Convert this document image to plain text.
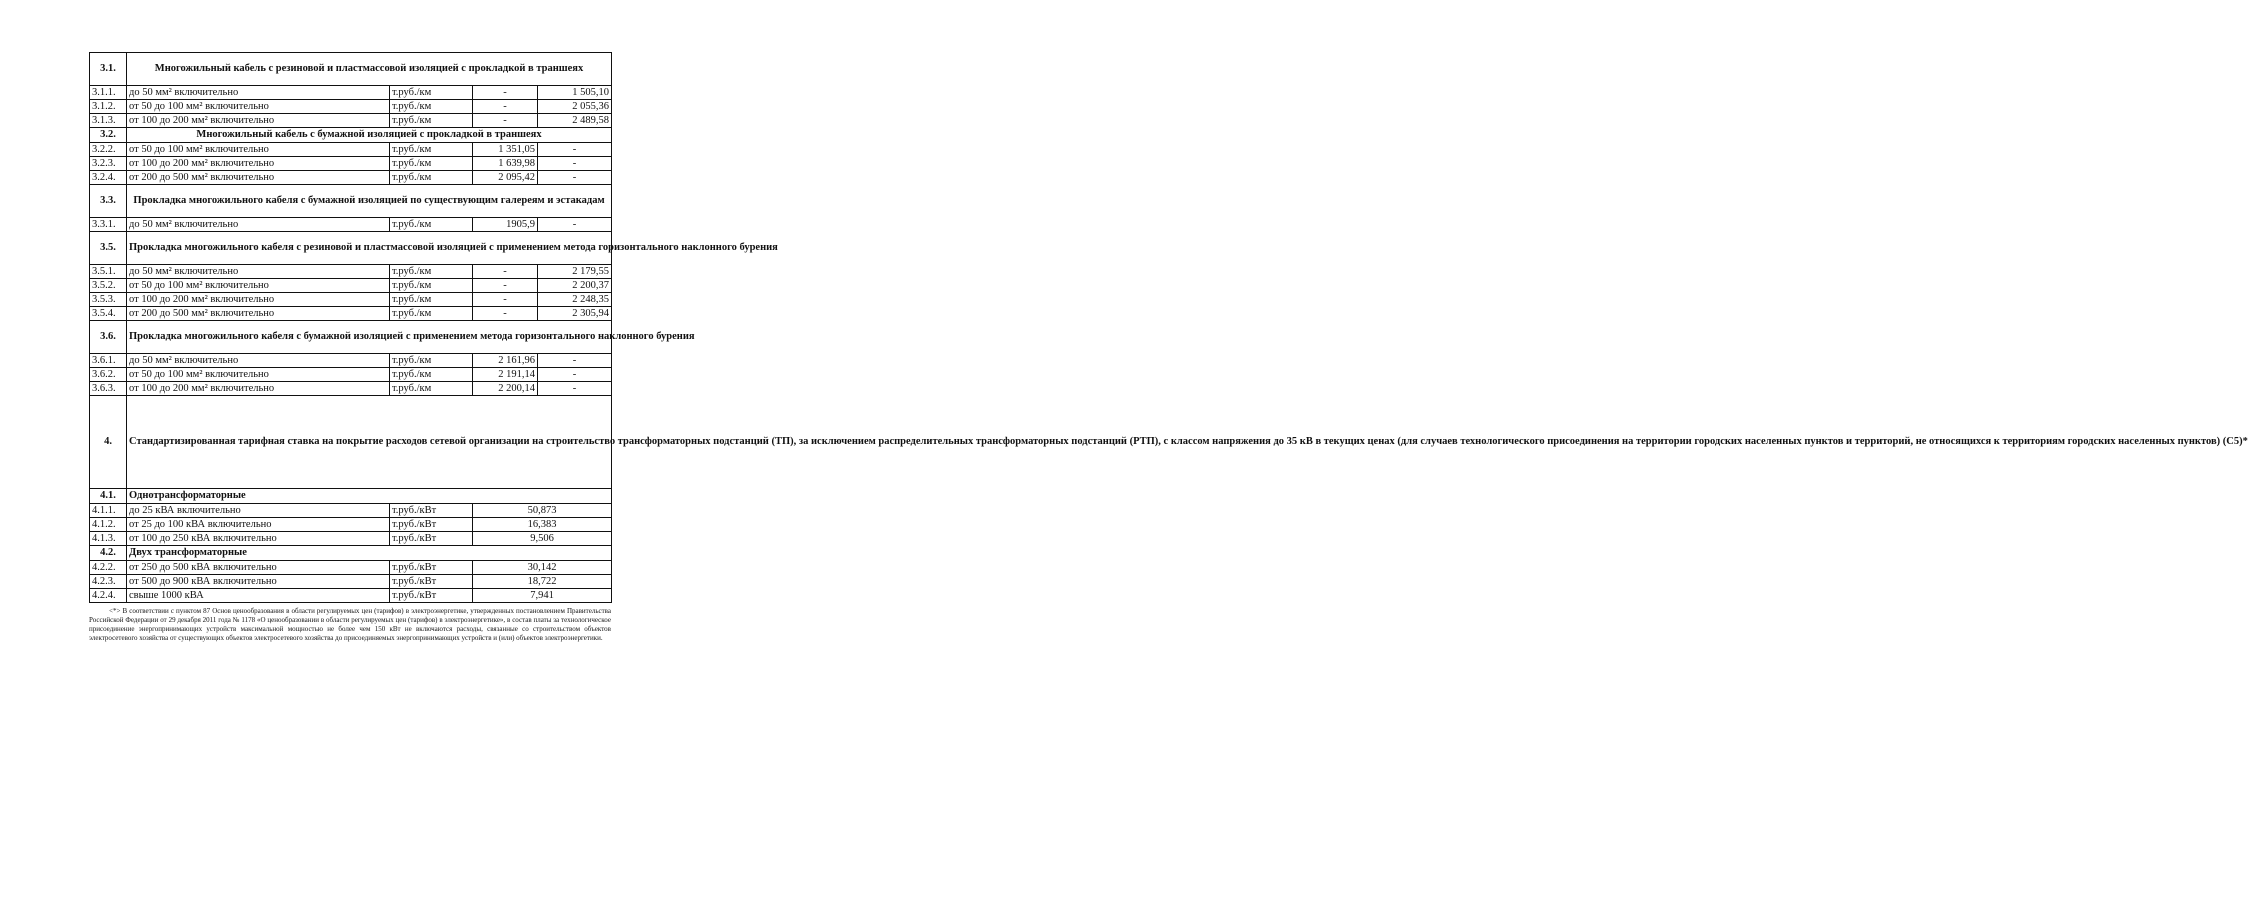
3.1.	Многожильный кабель с резиновой и пластмассовой изоляцией с прокладкой в траншеях			
3.1.1.	до 50 мм² включительно	т.руб./км	-	1 505,10
3.1.2.	от 50 до 100 мм² включительно	т.руб./км	-	2 055,36
3.1.3.	от 100 до 200 мм² включительно	т.руб./км	-	2 489,58
3.2.	Многожильный кабель с бумажной изоляцией с прокладкой в траншеях			
3.2.2.	от 50 до 100 мм² включительно	т.руб./км	1 351,05	-
3.2.3.	от 100 до 200 мм² включительно	т.руб./км	1 639,98	-
3.2.4.	от 200 до 500 мм² включительно	т.руб./км	2 095,42	-
3.3.	Прокладка многожильного кабеля с бумажной изоляцией по существующим галереям и эстакадам			
3.3.1.	до 50 мм² включительно	т.руб./км	1905,9	-
3.5.	Прокладка многожильного кабеля с резиновой и пластмассовой изоляцией с применением метода горизонтального наклонного бурения			
3.5.1.	до 50 мм² включительно	т.руб./км	-	2 179,55
3.5.2.	от 50 до 100 мм² включительно	т.руб./км	-	2 200,37
3.5.3.	от 100 до 200 мм² включительно	т.руб./км	-	2 248,35
3.5.4.	от 200 до 500 мм² включительно	т.руб./км	-	2 305,94
3.6.	Прокладка многожильного кабеля с бумажной изоляцией с применением метода горизонтального наклонного бурения			
3.6.1.	до 50 мм² включительно	т.руб./км	2 161,96	-
3.6.2.	от 50 до 100 мм² включительно	т.руб./км	2 191,14	-
3.6.3.	от 100 до 200 мм² включительно	т.руб./км	2 200,14	-
4.	Стандартизированная тарифная ставка на покрытие расходов сетевой организации на строительство трансформаторных подстанций (ТП), за исключением распределительных трансформаторных подстанций (РТП), с классом напряжения до 35 кВ в текущих ценах (для случаев технологического присоединения на территории городских населенных пунктов и территорий, не относящихся к территориям городских населенных пунктов) (С5)*			
4.1.	Однотрансформаторные			
4.1.1.	до 25 кВА включительно	т.руб./кВт	50,873	
4.1.2.	от 25 до 100 кВА включительно	т.руб./кВт	16,383	
4.1.3.	от 100 до 250 кВА включительно	т.руб./кВт	9,506	
4.2.	Двух трансформаторные			
4.2.2.	от 250 до 500 кВА включительно	т.руб./кВт	30,142	
4.2.3.	от 500 до 900 кВА включительно	т.руб./кВт	18,722	
4.2.4.	свыше 1000 кВА	т.руб./кВт	7,941	
<*> В соответствии с пунктом 87 Основ ценообразования в области регулируемых цен (тарифов) в электроэнергетике, утвержденных постановлением Правительства Российской Федерации от 29 декабря 2011 года № 1178 «О ценообразовании в области регулируемых цен (тарифов) в электроэнергетике», в состав платы за технологическое присоединение энергопринимающих устройств максимальной мощностью не более чем 150 кВт не включаются расходы, связанные со строительством объектов электросетевого хозяйства от существующих объектов электросетевого хозяйства до присоединяемых энергопринимающих устройств и (или) объектов электроэнергетики.
